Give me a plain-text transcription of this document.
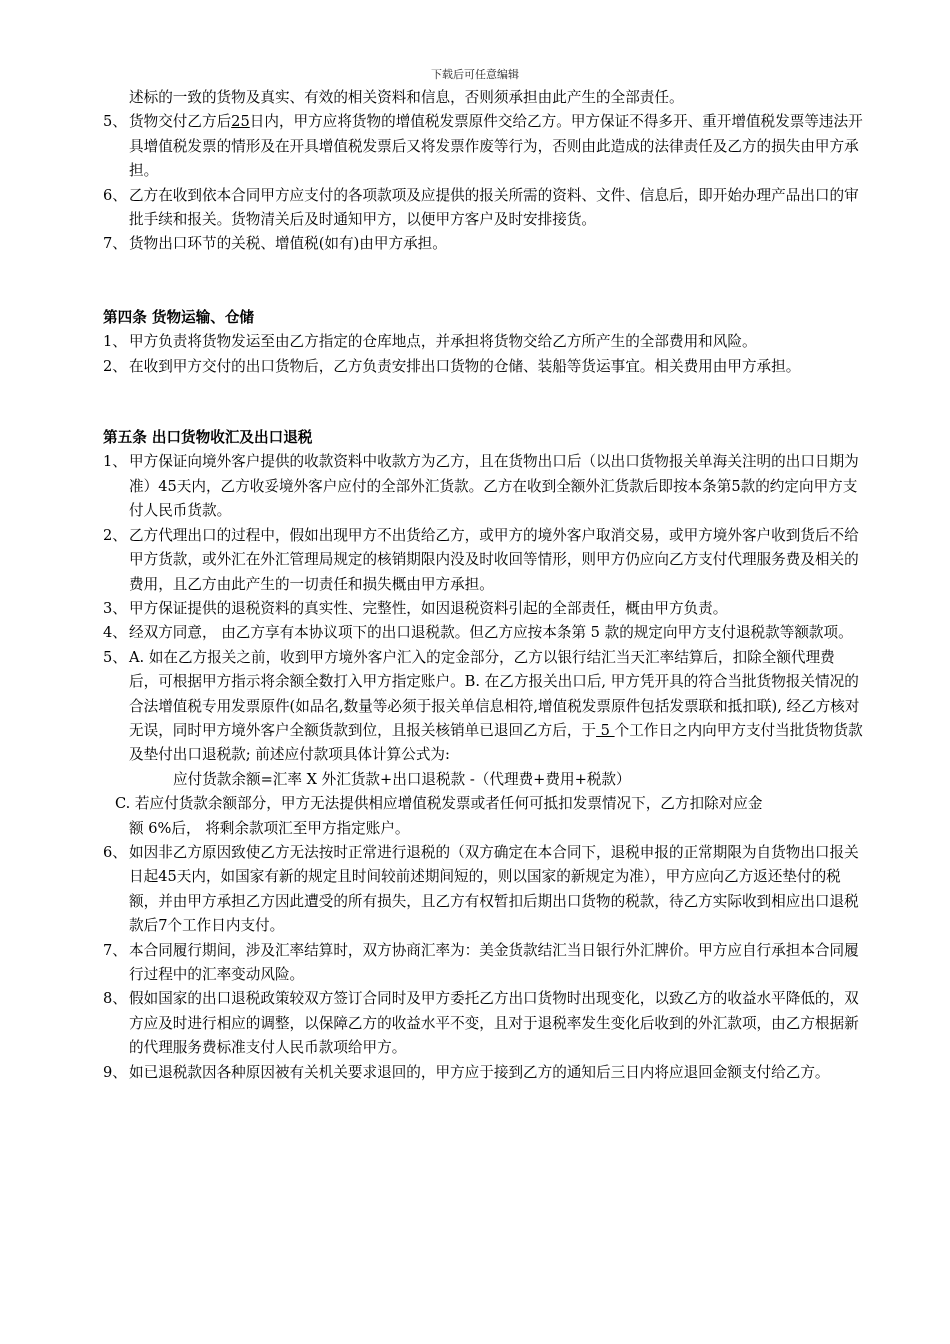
下载后可任意编辑

述标的一致的货物及真实、有效的相关资料和信息，否则须承担由此产生的全部责任。

5、 货物交付乙方后25日内，甲方应将货物的增值税发票原件交给乙方。甲方保证不得多开、重开增值税发票等违法开具增值税发票的情形及在开具增值税发票后又将发票作废等行为，否则由此造成的法律责任及乙方的损失由甲方承担。
6、 乙方在收到依本合同甲方应支付的各项款项及应提供的报关所需的资料、文件、信息后，即开始办理产品出口的审批手续和报关。货物清关后及时通知甲方，以便甲方客户及时安排接货。
7、 货物出口环节的关税、增值税(如有)由甲方承担。

第四条 货物运输、仓储

1、 甲方负责将货物发运至由乙方指定的仓库地点，并承担将货物交给乙方所产生的全部费用和风险。
2、 在收到甲方交付的出口货物后，乙方负责安排出口货物的仓储、装船等货运事宜。相关费用由甲方承担。

第五条 出口货物收汇及出口退税

1、 甲方保证向境外客户提供的收款资料中收款方为乙方，且在货物出口后（以出口货物报关单海关注明的出口日期为准）45天内，乙方收妥境外客户应付的全部外汇货款。乙方在收到全额外汇货款后即按本条第5款的约定向甲方支付人民币货款。
2、 乙方代理出口的过程中，假如出现甲方不出货给乙方，或甲方的境外客户取消交易，或甲方境外客户收到货后不给甲方货款，或外汇在外汇管理局规定的核销期限内没及时收回等情形，则甲方仍应向乙方支付代理服务费及相关的费用，且乙方由此产生的一切责任和损失概由甲方承担。
3、 甲方保证提供的退税资料的真实性、完整性，如因退税资料引起的全部责任，概由甲方负责。
4、 经双方同意， 由乙方享有本协议项下的出口退税款。但乙方应按本条第 5 款的规定向甲方支付退税款等额款项。
5、 A. 如在乙方报关之前，收到甲方境外客户汇入的定金部分，乙方以银行结汇当天汇率结算后，扣除全额代理费后，可根据甲方指示将余额全数打入甲方指定账户。B. 在乙方报关出口后, 甲方凭开具的符合当批货物报关情况的合法增值税专用发票原件(如品名,数量等必须于报关单信息相符,增值税发票原件包括发票联和抵扣联), 经乙方核对无误，同时甲方境外客户全额货款到位，且报关核销单已退回乙方后，于 5 个工作日之内向甲方支付当批货物货款及垫付出口退税款; 前述应付款项具体计算公式为:

应付货款余额=汇率 X 外汇货款+出口退税款 -（代理费+费用+税款）

C. 若应付货款余额部分，甲方无法提供相应增值税发票或者任何可抵扣发票情况下，乙方扣除对应金

额 6%后， 将剩余款项汇至甲方指定账户。

6、 如因非乙方原因致使乙方无法按时正常进行退税的（双方确定在本合同下，退税申报的正常期限为自货物出口报关日起45天内，如国家有新的规定且时间较前述期间短的，则以国家的新规定为准），甲方应向乙方返还垫付的税额，并由甲方承担乙方因此遭受的所有损失，且乙方有权暂扣后期出口货物的税款，待乙方实际收到相应出口退税款后7个工作日内支付。
7、 本合同履行期间，涉及汇率结算时，双方协商汇率为：美金货款结汇当日银行外汇牌价。甲方应自行承担本合同履行过程中的汇率变动风险。
8、 假如国家的出口退税政策较双方签订合同时及甲方委托乙方出口货物时出现变化，以致乙方的收益水平降低的，双方应及时进行相应的调整，以保障乙方的收益水平不变，且对于退税率发生变化后收到的外汇款项，由乙方根据新的代理服务费标准支付人民币款项给甲方。
9、 如已退税款因各种原因被有关机关要求退回的，甲方应于接到乙方的通知后三日内将应退回金额支付给乙方。
